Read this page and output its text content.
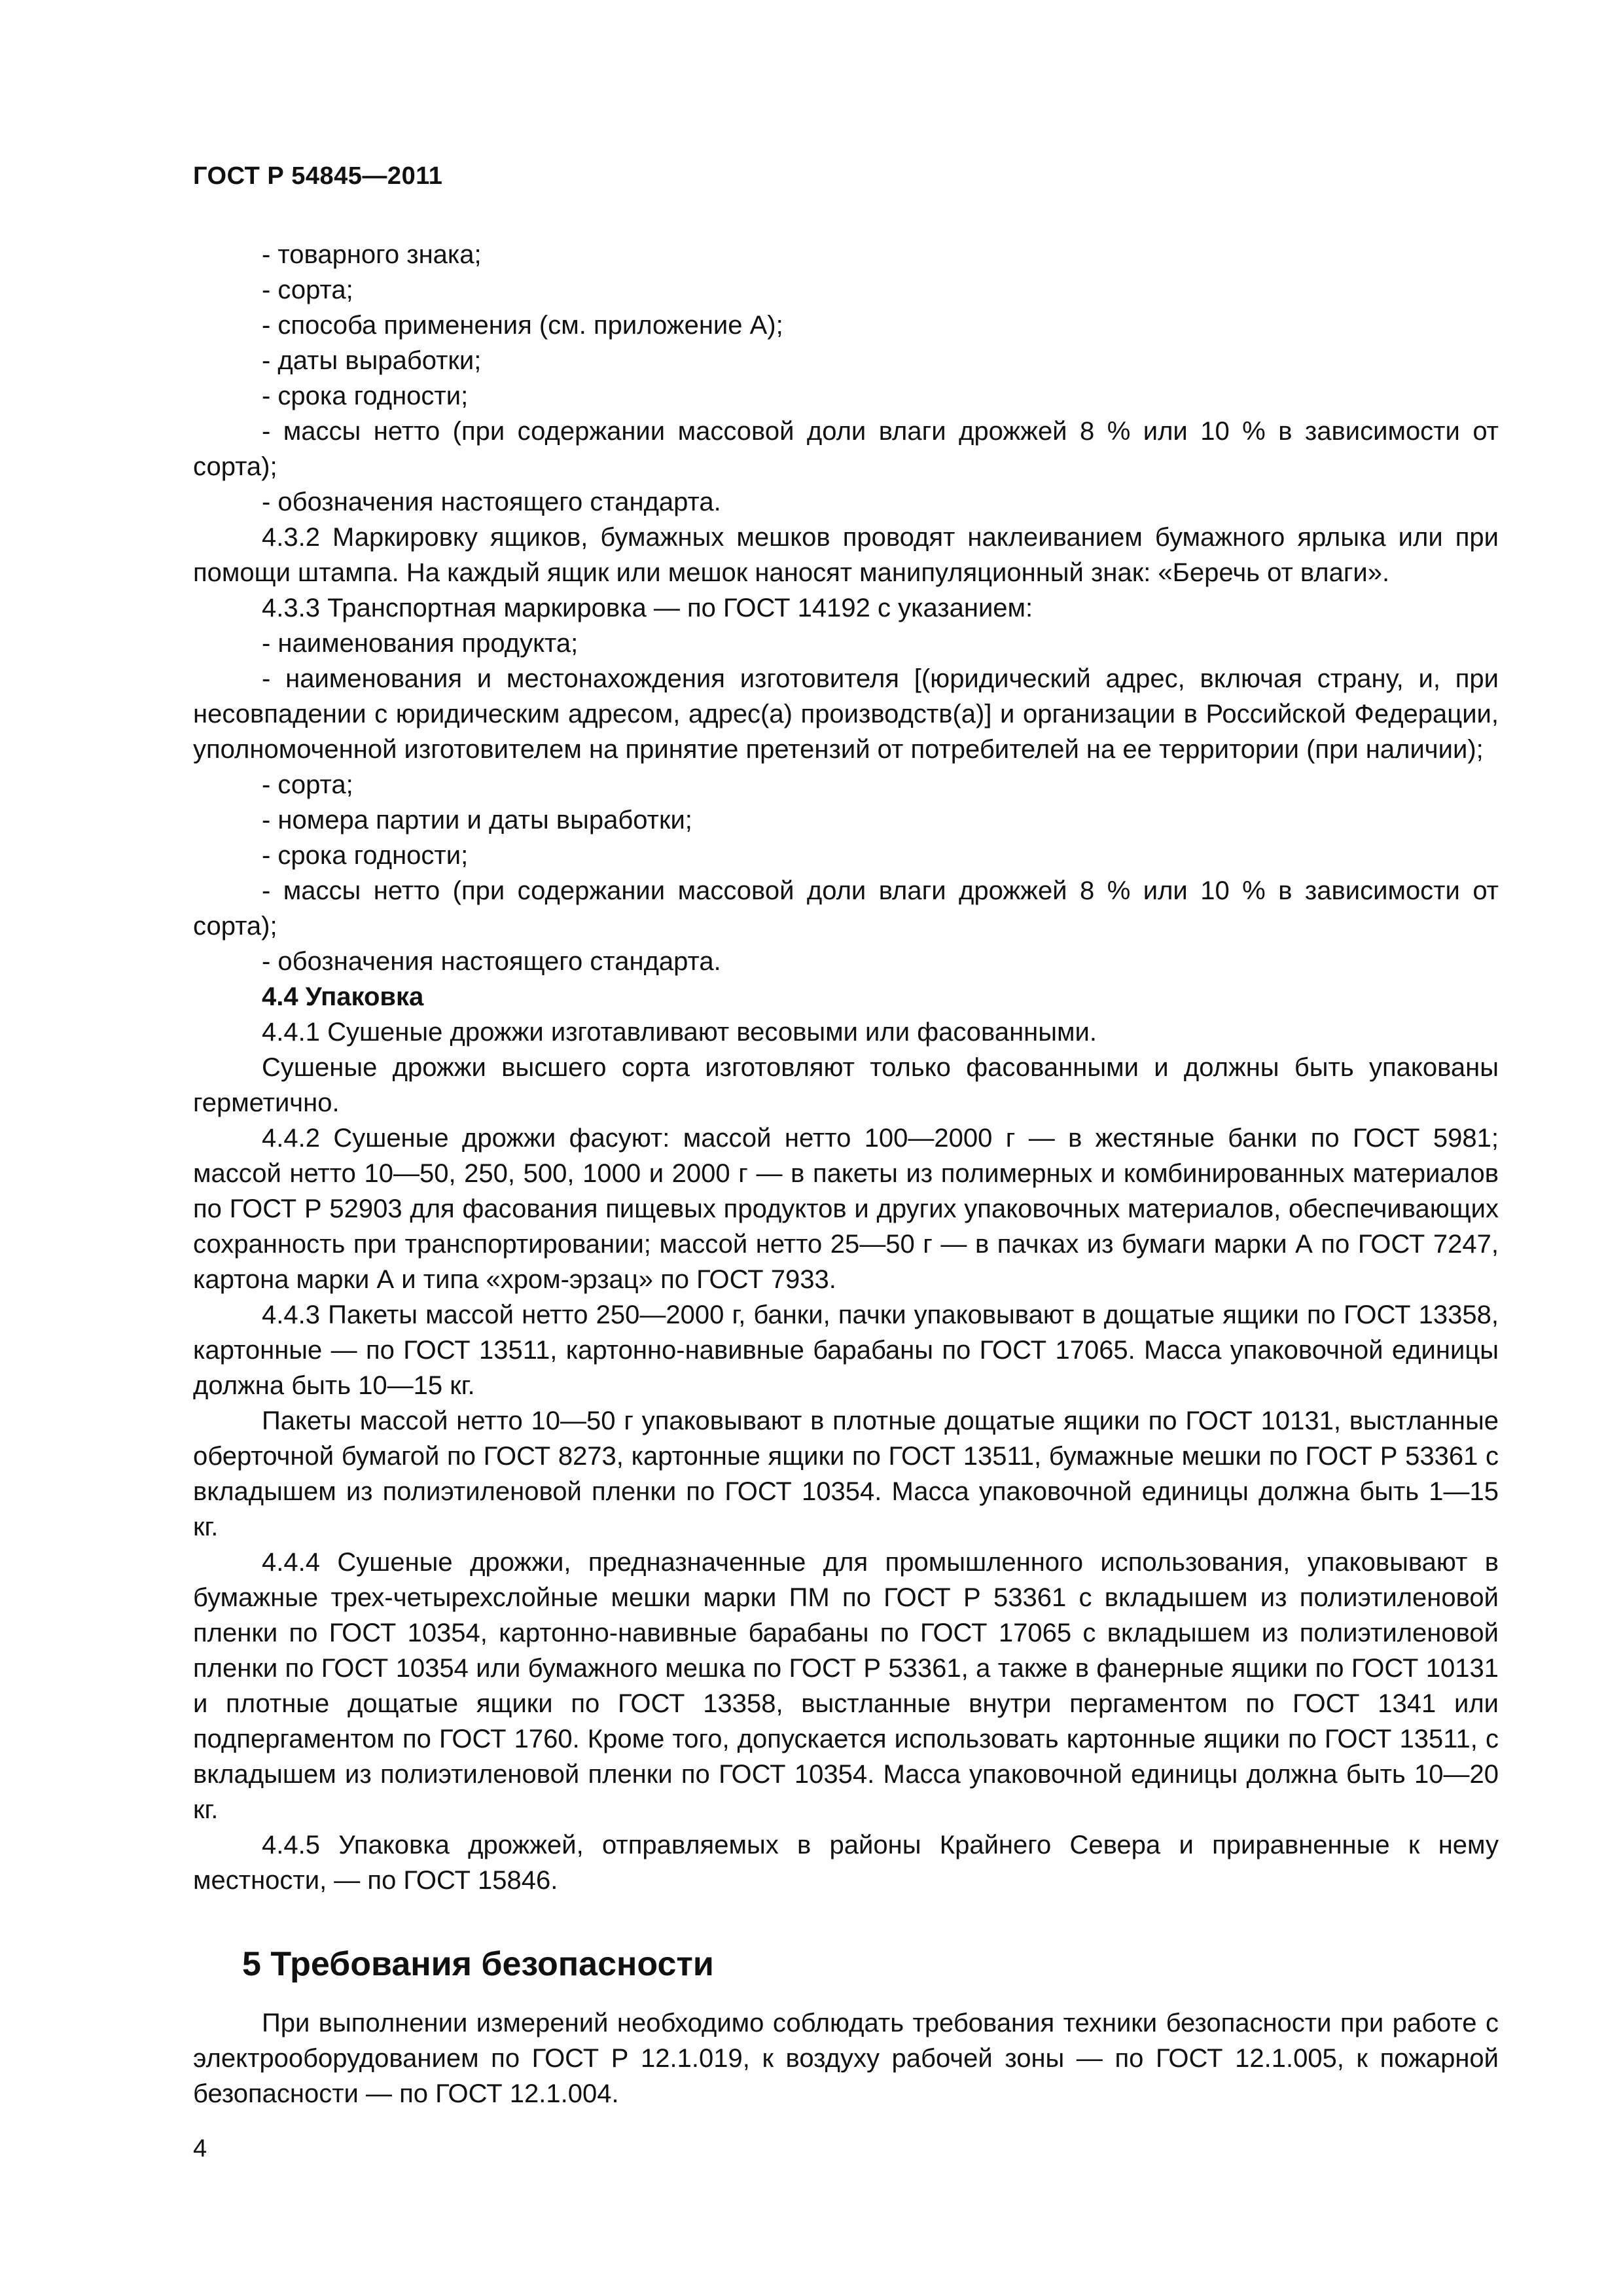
ГОСТ Р 54845—2011

- товарного знака;

- сорта;

- способа применения (см. приложение А);

- даты выработки;

- срока годности;

- массы нетто (при содержании массовой доли влаги дрожжей 8 % или 10 % в зависимости от сорта);

- обозначения настоящего стандарта.

4.3.2 Маркировку ящиков, бумажных мешков проводят наклеиванием бумажного ярлыка или при помощи штампа. На каждый ящик или мешок наносят манипуляционный знак: «Беречь от влаги».

4.3.3 Транспортная маркировка — по ГОСТ 14192 с указанием:

- наименования продукта;

- наименования и местонахождения изготовителя [(юридический адрес, включая страну, и, при несовпадении с юридическим адресом, адрес(а) производств(а)] и организации в Российской Федерации, уполномоченной изготовителем на принятие претензий от потребителей на ее территории (при наличии);

- сорта;

- номера партии и даты выработки;

- срока годности;

- массы нетто (при содержании массовой доли влаги дрожжей 8 % или 10 % в зависимости от сорта);

- обозначения настоящего стандарта.

4.4 Упаковка

4.4.1 Сушеные дрожжи изготавливают весовыми или фасованными.

Сушеные дрожжи высшего сорта изготовляют только фасованными и должны быть упакованы герметично.

4.4.2 Сушеные дрожжи фасуют: массой нетто 100—2000 г — в жестяные банки по ГОСТ 5981; массой нетто 10—50, 250, 500, 1000 и 2000 г — в пакеты из полимерных и комбинированных материалов по ГОСТ Р 52903 для фасования пищевых продуктов и других упаковочных материалов, обеспечивающих сохранность при транспортировании; массой нетто 25—50 г — в пачках из бумаги марки А по ГОСТ 7247, картона марки А и типа «хром-эрзац» по ГОСТ 7933.

4.4.3 Пакеты массой нетто 250—2000 г, банки, пачки упаковывают в дощатые ящики по ГОСТ 13358, картонные — по ГОСТ 13511, картонно-навивные барабаны по ГОСТ 17065. Масса упаковочной единицы должна быть 10—15 кг.

Пакеты массой нетто 10—50 г упаковывают в плотные дощатые ящики по ГОСТ 10131, выстланные оберточной бумагой по ГОСТ 8273, картонные ящики по ГОСТ 13511, бумажные мешки по ГОСТ Р 53361 с вкладышем из полиэтиленовой пленки по ГОСТ 10354. Масса упаковочной единицы должна быть 1—15 кг.

4.4.4 Сушеные дрожжи, предназначенные для промышленного использования, упаковывают в бумажные трех-четырехслойные мешки марки ПМ по ГОСТ Р 53361 с вкладышем из полиэтиленовой пленки по ГОСТ 10354, картонно-навивные барабаны по ГОСТ 17065 с вкладышем из полиэтиленовой пленки по ГОСТ 10354 или бумажного мешка по ГОСТ Р 53361, а также в фанерные ящики по ГОСТ 10131 и плотные дощатые ящики по ГОСТ 13358, выстланные внутри пергаментом по ГОСТ 1341 или подпергаментом по ГОСТ 1760. Кроме того, допускается использовать картонные ящики по ГОСТ 13511, с вкладышем из полиэтиленовой пленки по ГОСТ 10354. Масса упаковочной единицы должна быть 10—20 кг.

4.4.5 Упаковка дрожжей, отправляемых в районы Крайнего Севера и приравненные к нему местности, — по ГОСТ 15846.

5 Требования безопасности

При выполнении измерений необходимо соблюдать требования техники безопасности при работе с электрооборудованием по ГОСТ Р 12.1.019, к воздуху рабочей зоны — по ГОСТ 12.1.005, к пожарной безопасности — по ГОСТ 12.1.004.

4
